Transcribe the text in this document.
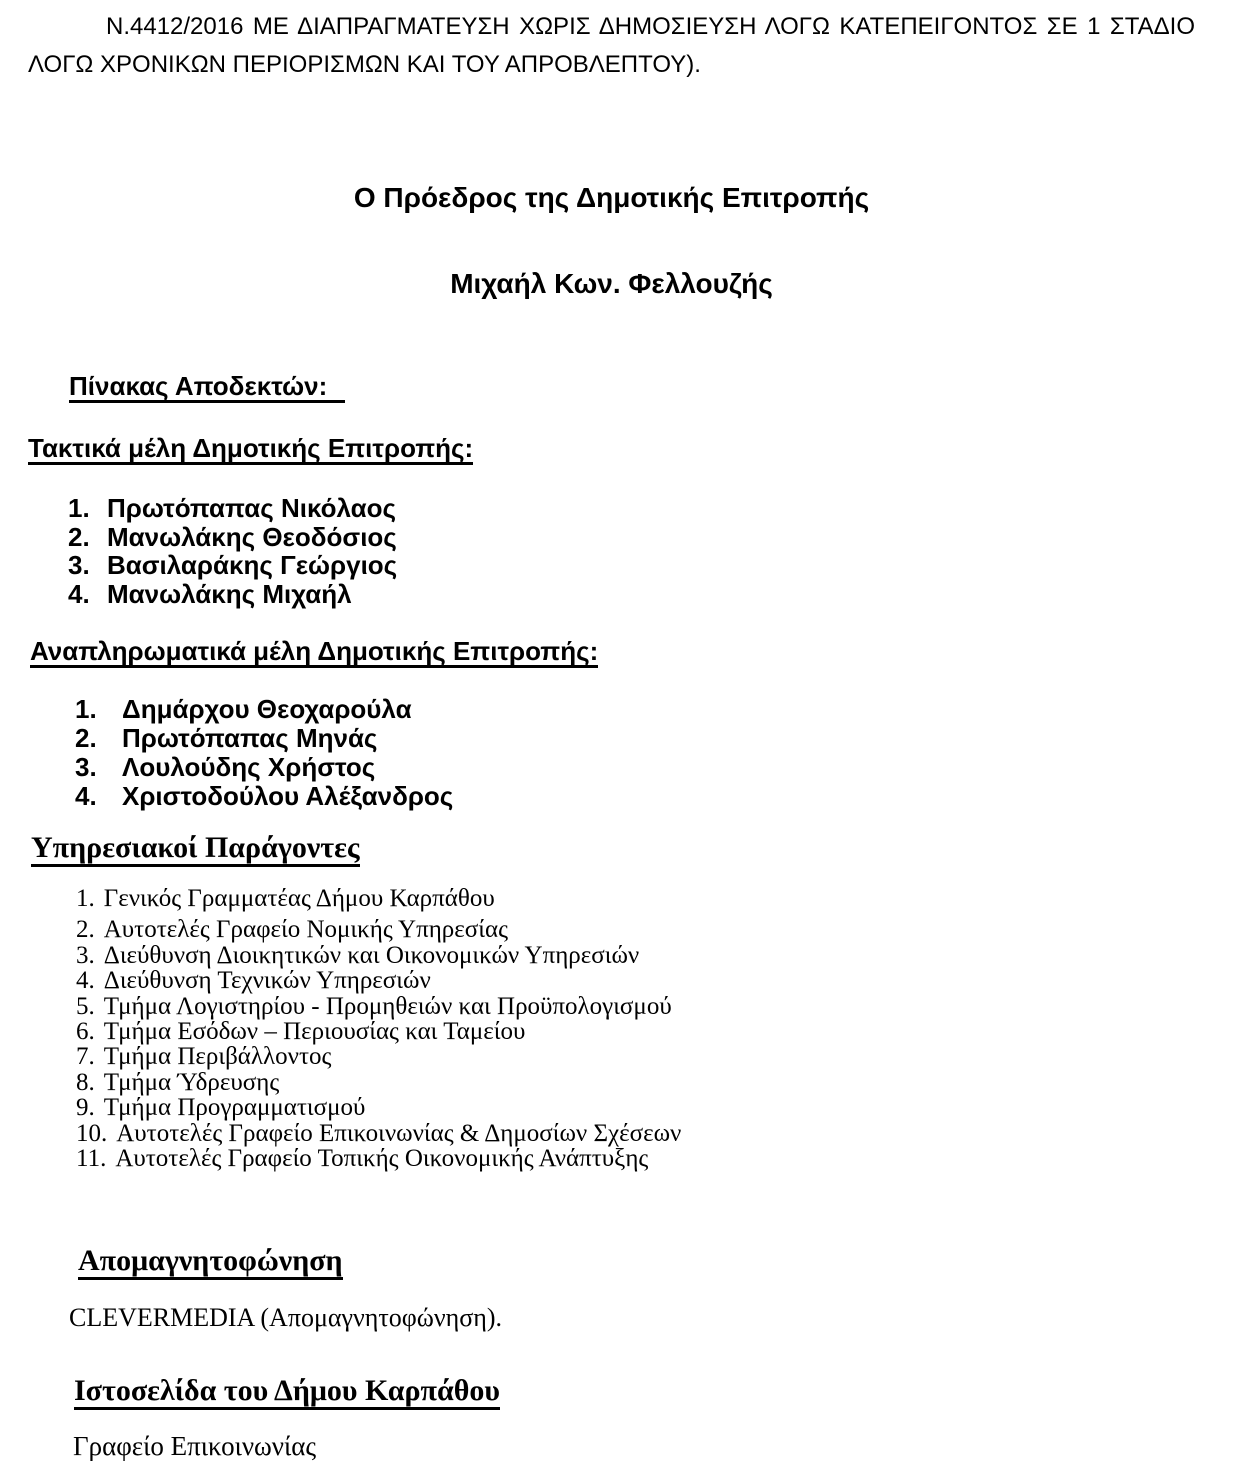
Ν.4412/2016 ΜΕ ΔΙΑΠΡΑΓΜΑΤΕΥΣΗ ΧΩΡΙΣ ΔΗΜΟΣΙΕΥΣΗ ΛΟΓΩ ΚΑΤΕΠΕΙΓΟΝΤΟΣ ΣΕ 1 ΣΤΑΔΙΟ ΛΟΓΩ ΧΡΟΝΙΚΩΝ ΠΕΡΙΟΡΙΣΜΩΝ ΚΑΙ ΤΟΥ ΑΠΡΟΒΛΕΠΤΟΥ).

Ο Πρόεδρος της Δημοτικής Επιτροπής
Μιχαήλ Κων. Φελλουζής
Πίνακας Αποδεκτών:
Τακτικά μέλη Δημοτικής Επιτροπής:
1. Πρωτόπαπας Νικόλαος
2. Μανωλάκης Θεοδόσιος
3. Βασιλαράκης Γεώργιος
4. Μανωλάκης Μιχαήλ
Αναπληρωματικά μέλη Δημοτικής Επιτροπής:
1. Δημάρχου Θεοχαρούλα
2. Πρωτόπαπας Μηνάς
3. Λουλούδης Χρήστος
4. Χριστοδούλου Αλέξανδρος
Υπηρεσιακοί Παράγοντες
1. Γενικός Γραμματέας Δήμου Καρπάθου
2. Αυτοτελές Γραφείο Νομικής Υπηρεσίας
3. Διεύθυνση Διοικητικών και Οικονομικών Υπηρεσιών
4. Διεύθυνση Τεχνικών Υπηρεσιών
5. Τμήμα Λογιστηρίου - Προμηθειών και Προϋπολογισμού
6. Τμήμα Εσόδων – Περιουσίας και Ταμείου
7. Τμήμα Περιβάλλοντος
8. Τμήμα Ύδρευσης
9. Τμήμα Προγραμματισμού
10. Αυτοτελές Γραφείο Επικοινωνίας & Δημοσίων Σχέσεων
11. Αυτοτελές Γραφείο Τοπικής Οικονομικής Ανάπτυξης
Απομαγνητοφώνηση

CLEVERMEDIA (Απομαγνητοφώνηση).

Ιστοσελίδα του Δήμου Καρπάθου

Γραφείο Επικοινωνίας
